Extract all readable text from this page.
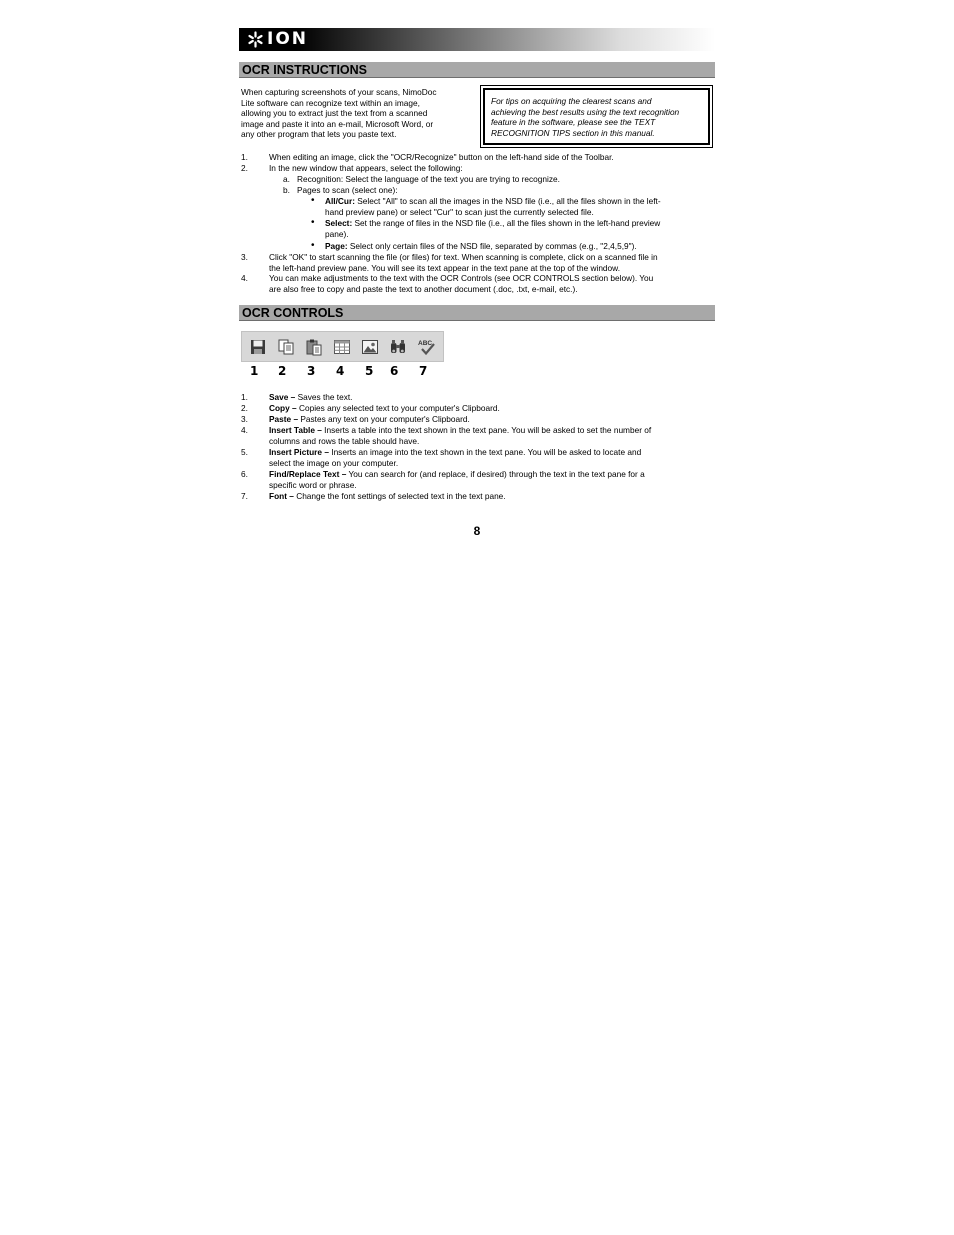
ION
OCR INSTRUCTIONS
When capturing screenshots of your scans, NimoDoc
Lite software can recognize text within an image,
allowing you to extract just the text from a scanned
image and paste it into an e-mail, Microsoft Word, or
any other program that lets you paste text.
For tips on acquiring the clearest scans and
achieving the best results using the text recognition
feature in the software, please see the TEXT
RECOGNITION TIPS section in this manual.
1.	When editing an image, click the "OCR/Recognize" button on the left-hand side of the Toolbar.
2.	In the new window that appears, select the following:
a. Recognition: Select the language of the text you are trying to recognize.
b. Pages to scan (select one):
• All/Cur: Select "All" to scan all the images in the NSD file (i.e., all the files shown in the left-
hand preview pane) or select "Cur" to scan just the currently selected file.
• Select: Set the range of files in the NSD file (i.e., all the files shown in the left-hand preview
pane).
• Page: Select only certain files of the NSD file, separated by commas (e.g., "2,4,5,9").
3.	Click "OK" to start scanning the file (or files) for text. When scanning is complete, click on a scanned file in
the left-hand preview pane. You will see its text appear in the text pane at the top of the window.
4.	You can make adjustments to the text with the OCR Controls (see OCR CONTROLS section below). You
are also free to copy and paste the text to another document (.doc, .txt, e-mail, etc.).
OCR CONTROLS
ABC
1 2 3 4 5 6 7
1.	Save – Saves the text.
2.	Copy – Copies any selected text to your computer's Clipboard.
3.	Paste – Pastes any text on your computer's Clipboard.
4.	Insert Table – Inserts a table into the text shown in the text pane. You will be asked to set the number of
columns and rows the table should have.
5.	Insert Picture – Inserts an image into the text shown in the text pane. You will be asked to locate and
select the image on your computer.
6.	Find/Replace Text – You can search for (and replace, if desired) through the text in the text pane for a
specific word or phrase.
7.	Font – Change the font settings of selected text in the text pane.
8
